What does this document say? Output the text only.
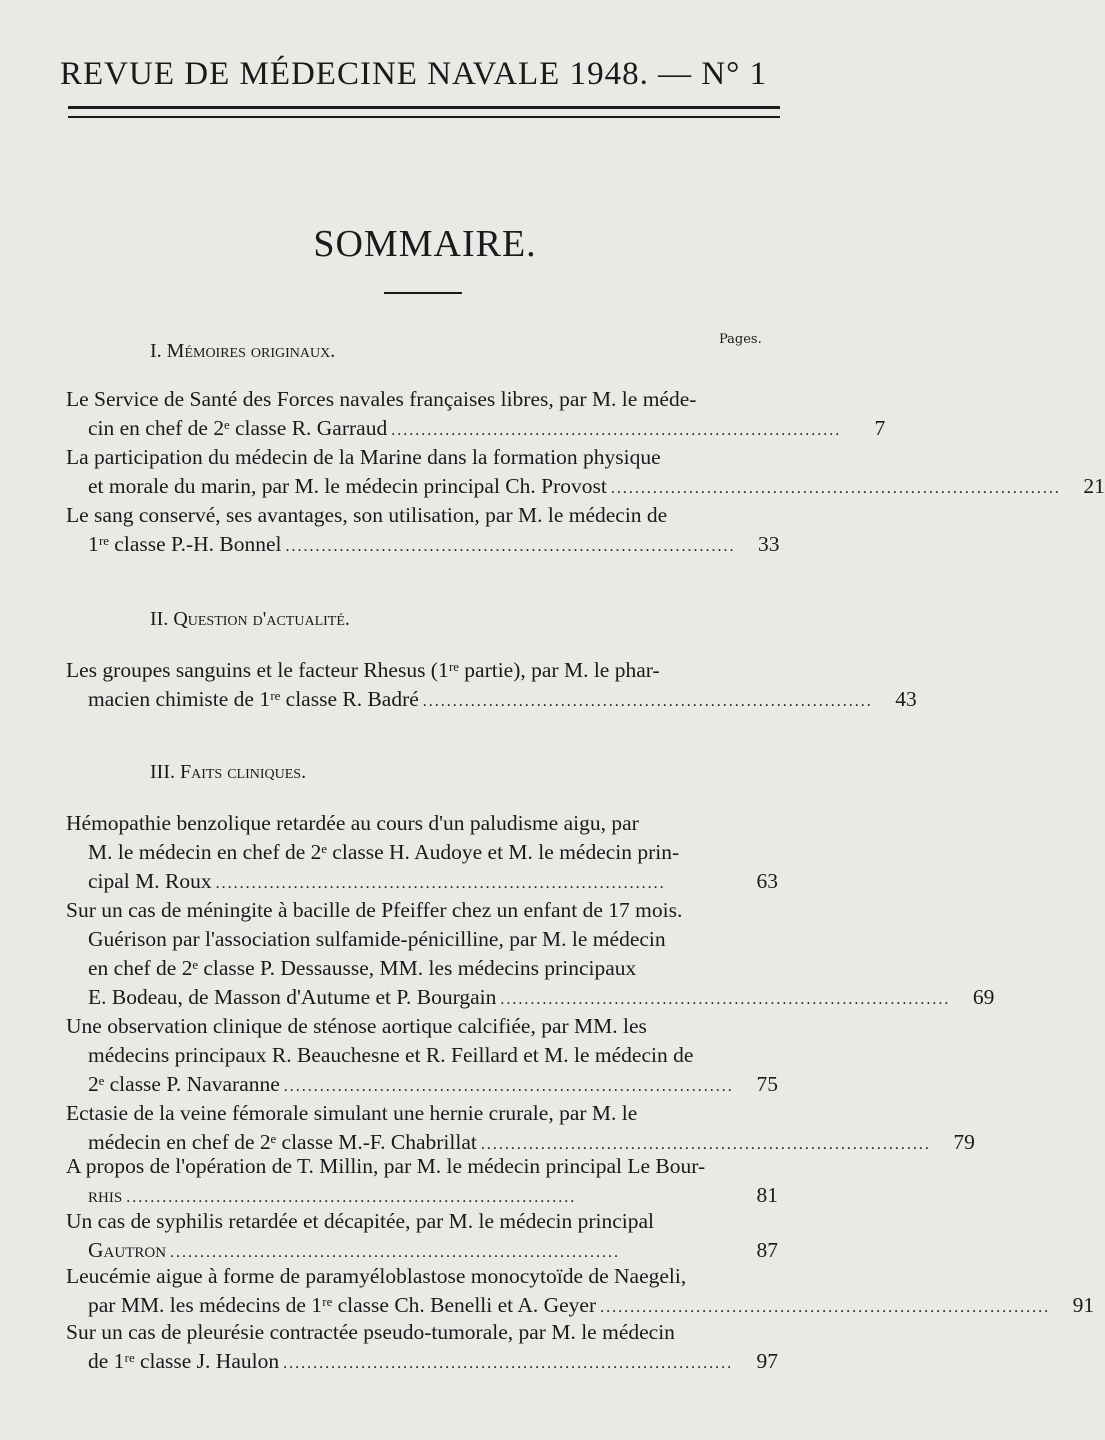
REVUE DE MÉDECINE NAVALE 1948. — N° 1
SOMMAIRE.
Pages.
I. Mémoires originaux.
Le Service de Santé des Forces navales françaises libres, par M. le méde-
cin en chef de 2ᵉ classe R. Garraud ...........................................................................	7
La participation du médecin de la Marine dans la formation physique
et morale du marin, par M. le médecin principal Ch. Provost ...........................................................................	21
Le sang conservé, ses avantages, son utilisation, par M. le médecin de
1ʳᵉ classe P.-H. Bonnel ...........................................................................	33
II. Question d'actualité.
Les groupes sanguins et le facteur Rhesus (1ʳᵉ partie), par M. le phar-
macien chimiste de 1ʳᵉ classe R. Badré ...........................................................................	43
III. Faits cliniques.
Hémopathie benzolique retardée au cours d'un paludisme aigu, par
M. le médecin en chef de 2ᵉ classe H. Audoye et M. le médecin prin-
cipal M. Roux ...........................................................................	63
Sur un cas de méningite à bacille de Pfeiffer chez un enfant de 17 mois.
Guérison par l'association sulfamide-pénicilline, par M. le médecin
en chef de 2ᵉ classe P. Dessausse, MM. les médecins principaux
E. Bodeau, de Masson d'Autume et P. Bourgain ...........................................................................	69
Une observation clinique de sténose aortique calcifiée, par MM. les
médecins principaux R. Beauchesne et R. Feillard et M. le médecin de
2ᵉ classe P. Navaranne ...........................................................................	75
Ectasie de la veine fémorale simulant une hernie crurale, par M. le
médecin en chef de 2ᵉ classe M.-F. Chabrillat ...........................................................................	79
A propos de l'opération de T. Millin, par M. le médecin principal Le Bour-
rhis ...........................................................................	81
Un cas de syphilis retardée et décapitée, par M. le médecin principal
Gautron ...........................................................................	87
Leucémie aigue à forme de paramyéloblastose monocytoïde de Naegeli,
par MM. les médecins de 1ʳᵉ classe Ch. Benelli et A. Geyer ...........................................................................	91
Sur un cas de pleurésie contractée pseudo-tumorale, par M. le médecin
de 1ʳᵉ classe J. Haulon ...........................................................................	97
